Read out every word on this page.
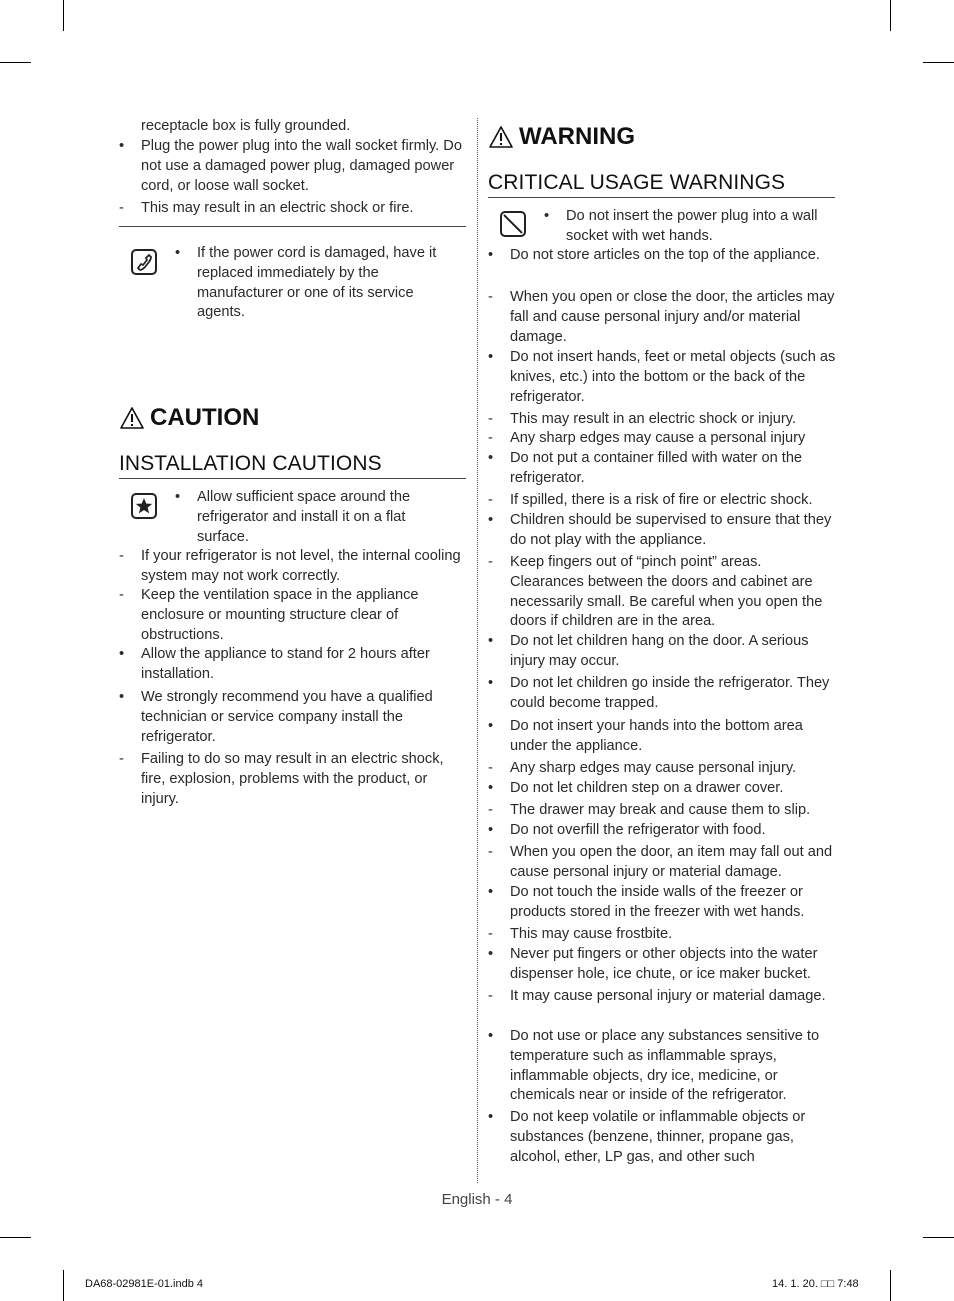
receptacle box is fully grounded.
•	Plug the power plug into the wall socket firmly. Do not use a damaged power plug, damaged power cord, or loose wall socket.
-	This may result in an electric shock or fire.
•	If the power cord is damaged, have it replaced immediately by the manufacturer or one of its service agents.
CAUTION
INSTALLATION CAUTIONS
•	Allow sufficient space around the refrigerator and install it on a flat surface.
-	If your refrigerator is not level, the internal cooling system may not work correctly.
-	Keep the ventilation space in the appliance enclosure or mounting structure clear of obstructions.
•	Allow the appliance to stand for 2 hours after installation.
•	We strongly recommend you have a qualified technician or service company install the refrigerator.
-	Failing to do so may result in an electric shock, fire, explosion, problems with the product, or injury.
WARNING
CRITICAL USAGE WARNINGS
•	Do not insert the power plug into a wall socket with wet hands.
•	Do not store articles on the top of the appliance.
-	When you open or close the door, the articles may fall and cause personal injury and/or material damage.
•	Do not insert hands, feet or metal objects (such as knives, etc.) into the bottom or the back of the refrigerator.
-	This may result in an electric shock or injury.
-	Any sharp edges may cause a personal injury
•	Do not put a container filled with water on the refrigerator.
-	If spilled, there is a risk of fire or electric shock.
•	Children should be supervised to ensure that they do not play with the appliance.
-	Keep fingers out of “pinch point” areas. Clearances between the doors and cabinet are necessarily small. Be careful when you open the doors if children are in the area.
•	Do not let children hang on the door. A serious injury may occur.
•	Do not let children go inside the refrigerator. They could become trapped.
•	Do not insert your hands into the bottom area under the appliance.
-	Any sharp edges may cause personal injury.
•	Do not let children step on a drawer cover.
-	The drawer may break and cause them to slip.
•	Do not overfill the refrigerator with food.
-	When you open the door, an item may fall out and cause personal injury or material damage.
•	Do not touch the inside walls of the freezer or products stored in the freezer with wet hands.
-	This may cause frostbite.
•	Never put fingers or other objects into the water dispenser hole, ice chute, or ice maker bucket.
-	It may cause personal injury or material damage.
•	Do not use or place any substances sensitive to temperature such as inflammable sprays, inflammable objects, dry ice, medicine, or chemicals near or inside of the refrigerator.
•	Do not keep volatile or inflammable objects or substances (benzene, thinner, propane gas, alcohol, ether, LP gas, and other such
English - 4
DA68-02981E-01.indb 4	14. 1. 20. □□ 7:48
